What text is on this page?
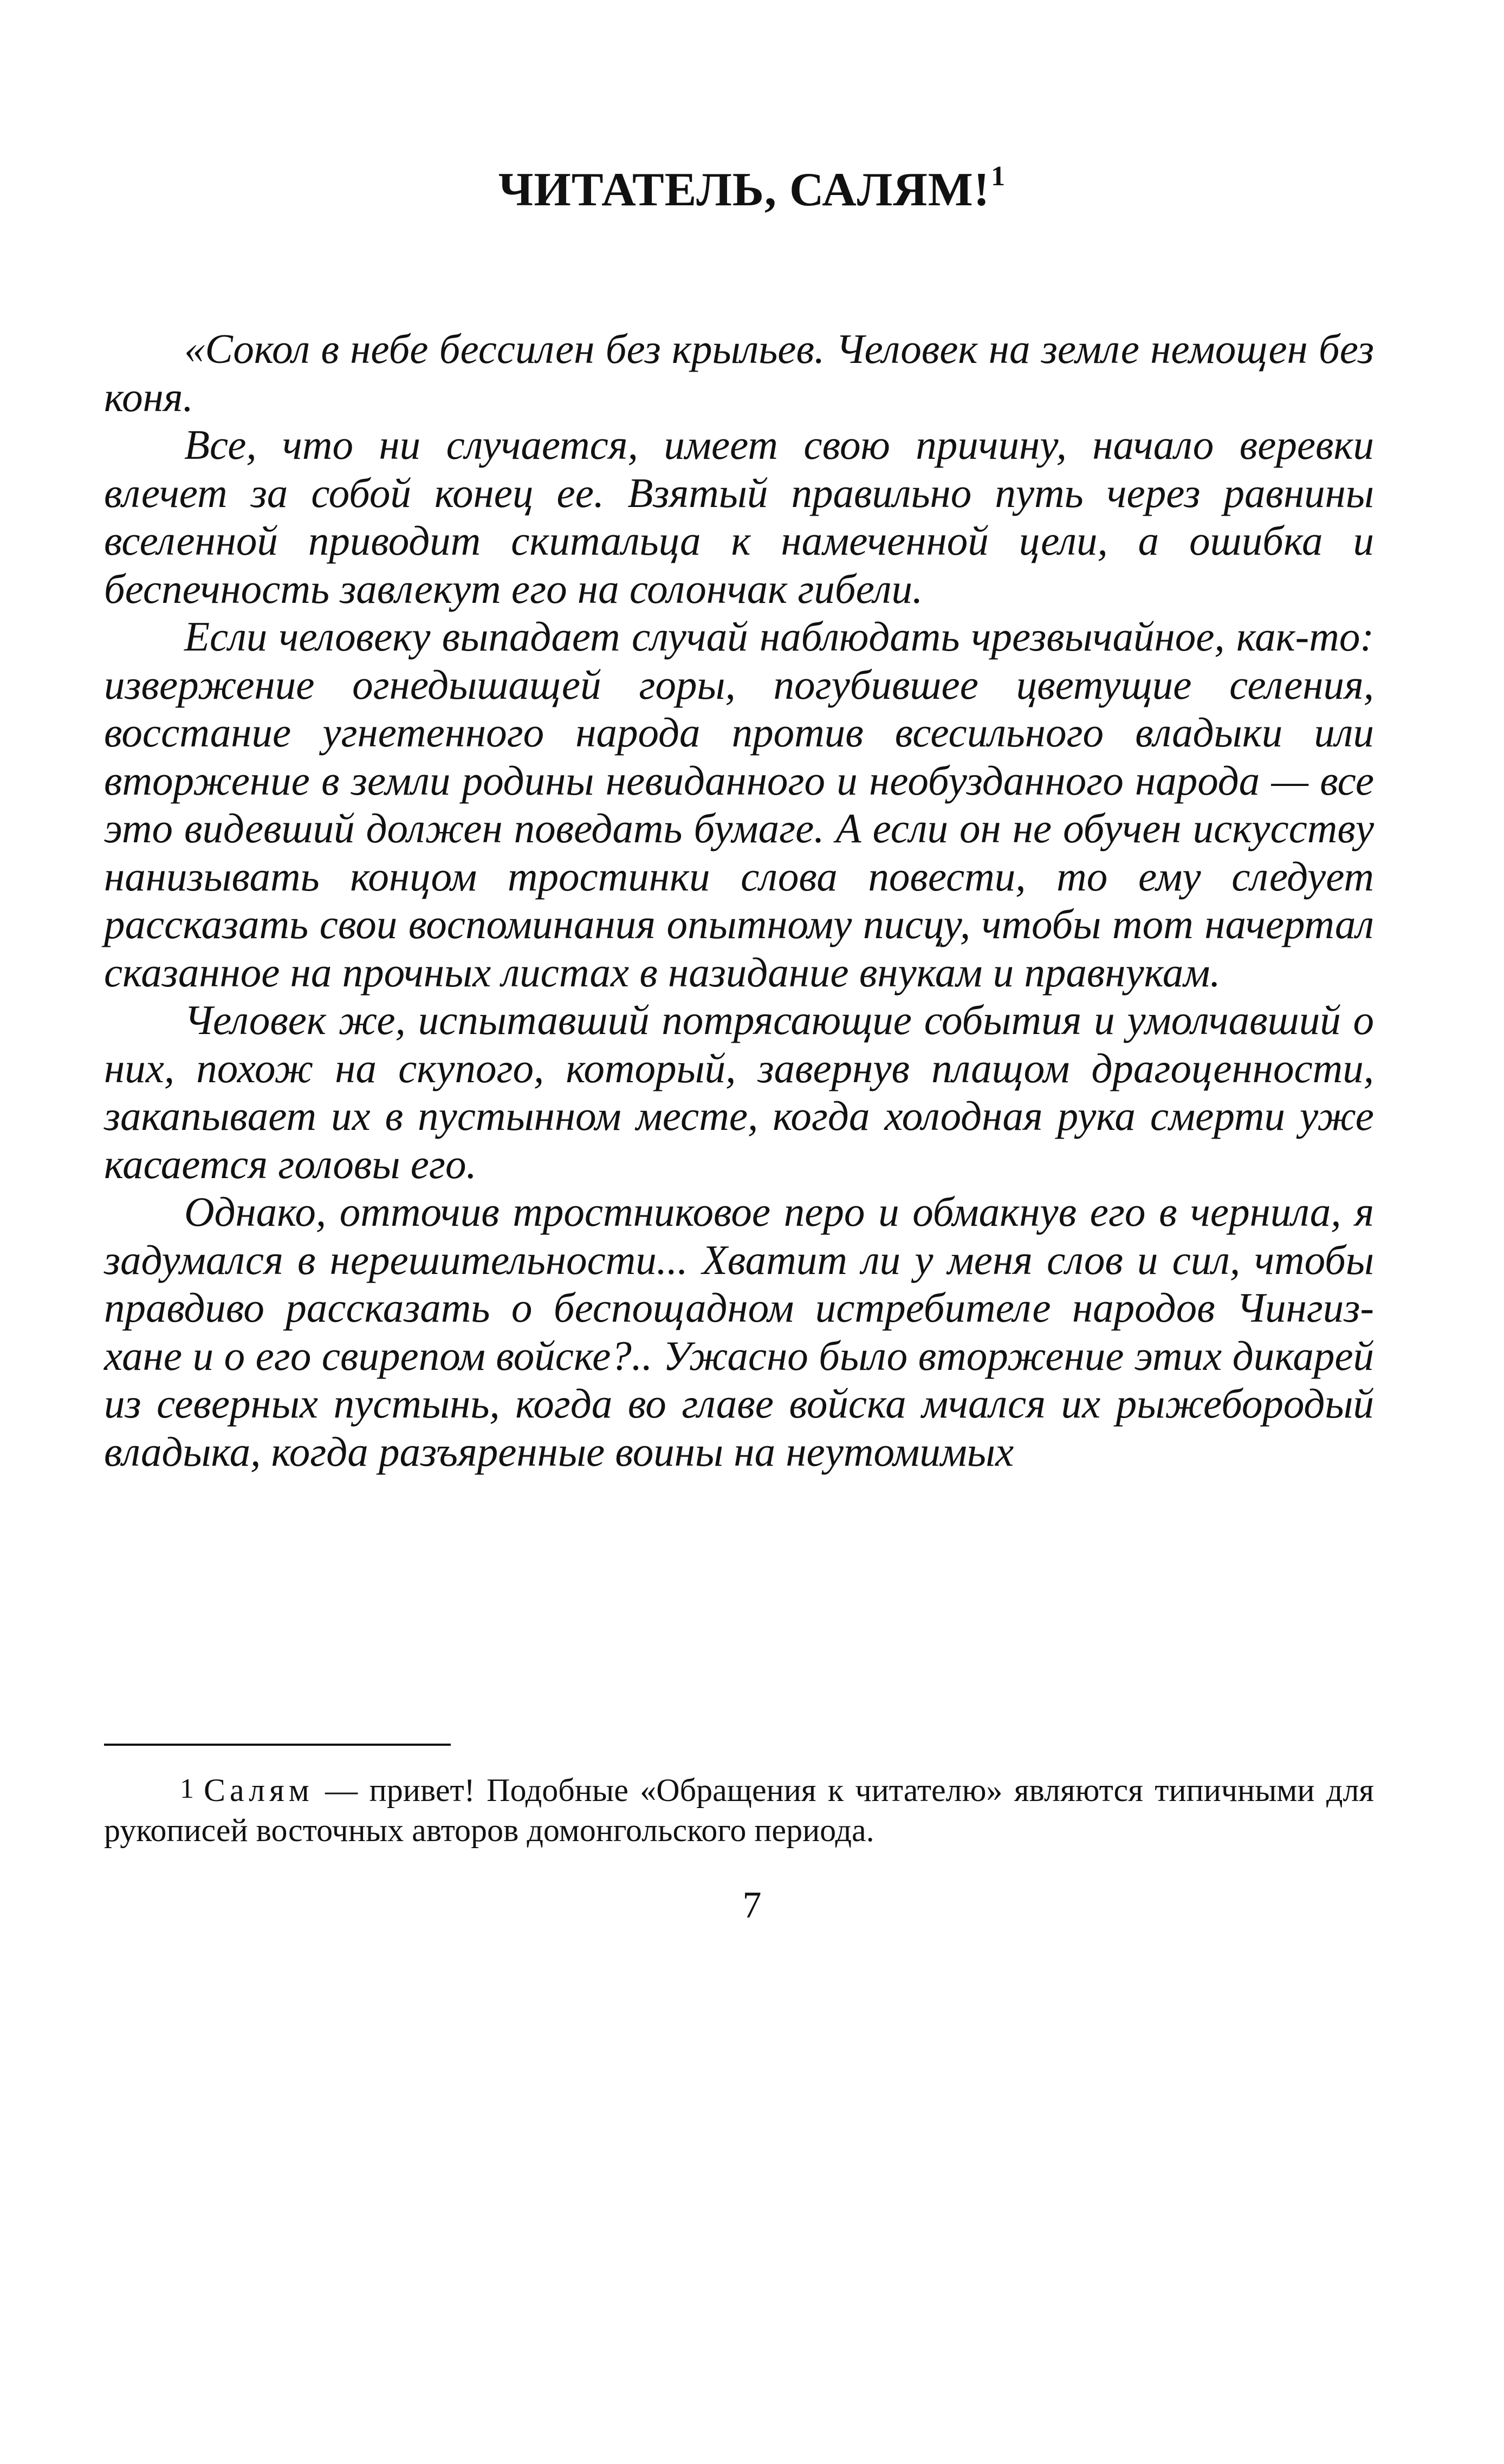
ЧИТАТЕЛЬ, САЛЯМ!$^1$

«Сокол в небе бессилен без крыльев. Человек на земле немощен без коня.

Все, что ни случается, имеет свою причину, начало веревки влечет за собой конец ее. Взятый правильно путь через равнины вселенной приводит скитальца к намеченной цели, а ошибка и беспечность завлекут его на солончак гибели.

Если человеку выпадает случай наблюдать чрезвычайное, как-то: извержение огнедышащей горы, погубившее цветущие селения, восстание угнетенного народа против всесильного владыки или вторжение в земли родины невиданного и необузданного народа — все это видевший должен поведать бумаге. А если он не обучен искусству нанизывать концом тростинки слова повести, то ему следует рассказать свои воспоминания опытному писцу, чтобы тот начертал сказанное на прочных листах в назидание внукам и правнукам.

Человек же, испытавший потрясающие события и умолчавший о них, похож на скупого, который, завернув плащом драгоценности, закапывает их в пустынном месте, когда холодная рука смерти уже касается головы его.

Однако, отточив тростниковое перо и обмакнув его в чернила, я задумался в нерешительности... Хватит ли у меня слов и сил, чтобы правдиво рассказать о беспощадном истребителе народов Чингиз-хане и о его свирепом войске?.. Ужасно было вторжение этих дикарей из северных пустынь, когда во главе войска мчался их рыжебородый владыка, когда разъяренные воины на неутомимых

1 Салям — привет! Подобные «Обращения к читателю» являются типичными для рукописей восточных авторов домонгольского периода.

7
